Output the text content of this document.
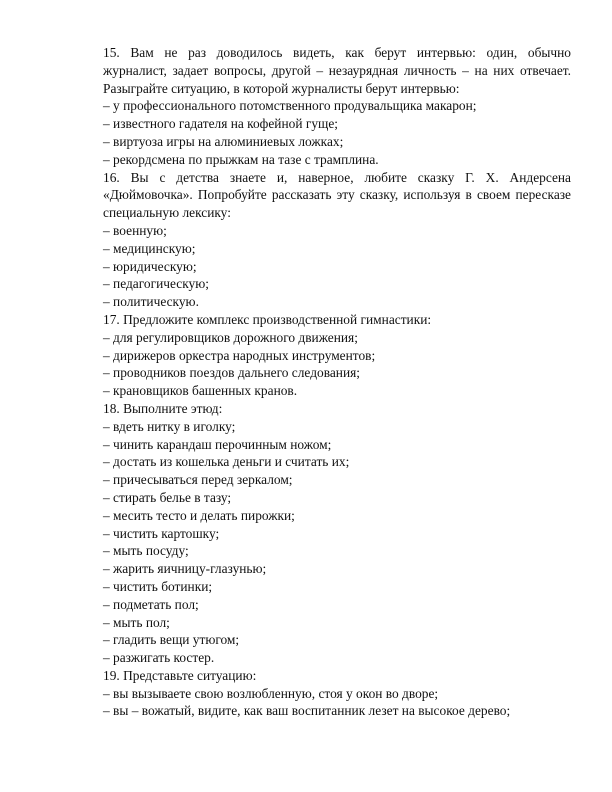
15. Вам не раз доводилось видеть, как берут интервью: один, обычно

журналист, задает вопросы, другой – незаурядная личность – на них отвечает.

Разыграйте ситуацию, в которой журналисты берут интервью:

– у профессионального потомственного продувальщика макарон;

– известного гадателя на кофейной гуще;

– виртуоза игры на алюминиевых ложках;

– рекордсмена по прыжкам на тазе с трамплина.

16. Вы с детства знаете и, наверное, любите сказку Г. Х. Андерсена

«Дюймовочка». Попробуйте рассказать эту сказку, используя в своем пересказе

специальную лексику:

– военную;

– медицинскую;

– юридическую;

– педагогическую;

– политическую.

17. Предложите комплекс производственной гимнастики:

– для регулировщиков дорожного движения;

– дирижеров оркестра народных инструментов;

– проводников поездов дальнего следования;

– крановщиков башенных кранов.

18. Выполните этюд:

– вдеть нитку в иголку;

– чинить карандаш перочинным ножом;

– достать из кошелька деньги и считать их;

– причесываться перед зеркалом;

– стирать белье в тазу;

– месить тесто и делать пирожки;

– чистить картошку;

– мыть посуду;

– жарить яичницу-глазунью;

– чистить ботинки;

– подметать пол;

– мыть пол;

– гладить вещи утюгом;

– разжигать костер.

19. Представьте ситуацию:

– вы вызываете свою возлюбленную, стоя у окон во дворе;

– вы – вожатый, видите, как ваш воспитанник лезет на высокое дерево;
